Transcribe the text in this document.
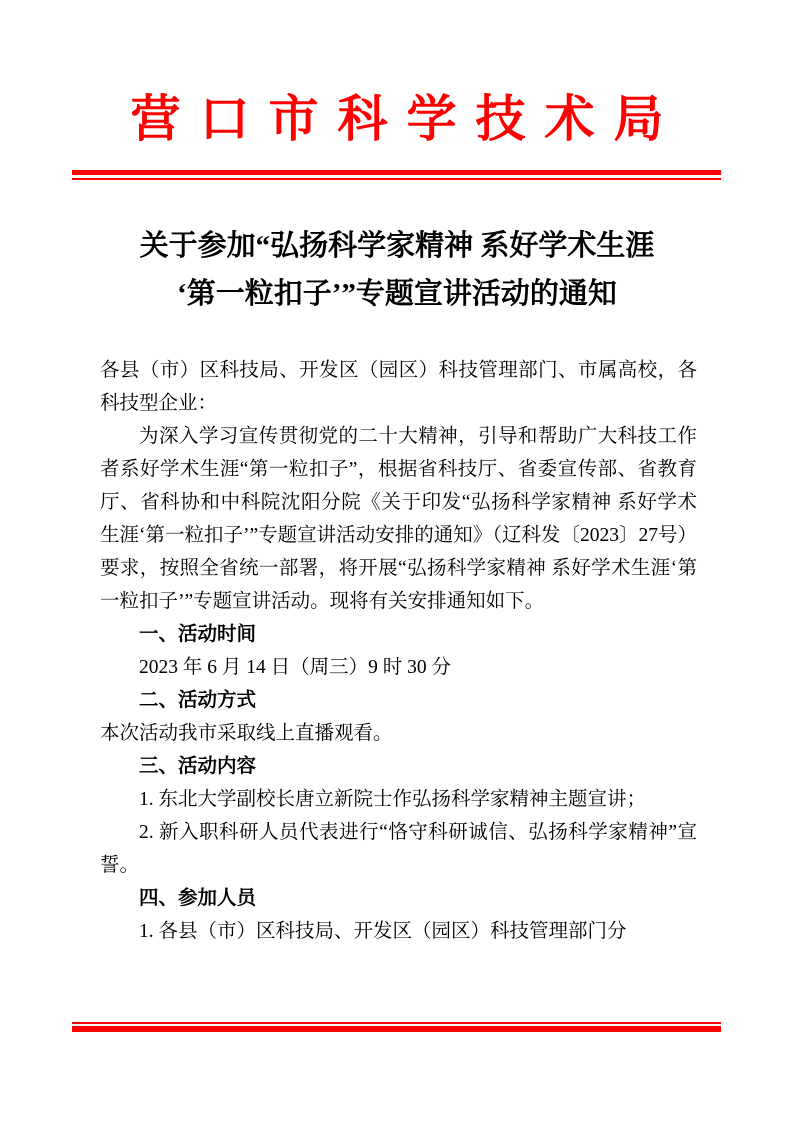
营口市科学技术局
关于参加“弘扬科学家精神 系好学术生涯
‘第一粒扣子’”专题宣讲活动的通知

各县（市）区科技局、开发区（园区）科技管理部门、市属高校，各科技型企业：

为深入学习宣传贯彻党的二十大精神，引导和帮助广大科技工作者系好学术生涯“第一粒扣子”，根据省科技厅、省委宣传部、省教育厅、省科协和中科院沈阳分院《关于印发“弘扬科学家精神 系好学术生涯‘第一粒扣子’”专题宣讲活动安排的通知》（辽科发〔2023〕27号）要求，按照全省统一部署，将开展“弘扬科学家精神 系好学术生涯‘第一粒扣子’”专题宣讲活动。现将有关安排通知如下。

一、活动时间

2023 年 6 月 14 日（周三）9 时 30 分

二、活动方式

本次活动我市采取线上直播观看。

三、活动内容

1. 东北大学副校长唐立新院士作弘扬科学家精神主题宣讲；

2. 新入职科研人员代表进行“恪守科研诚信、弘扬科学家精神”宣誓。

四、参加人员

1. 各县（市）区科技局、开发区（园区）科技管理部门分
